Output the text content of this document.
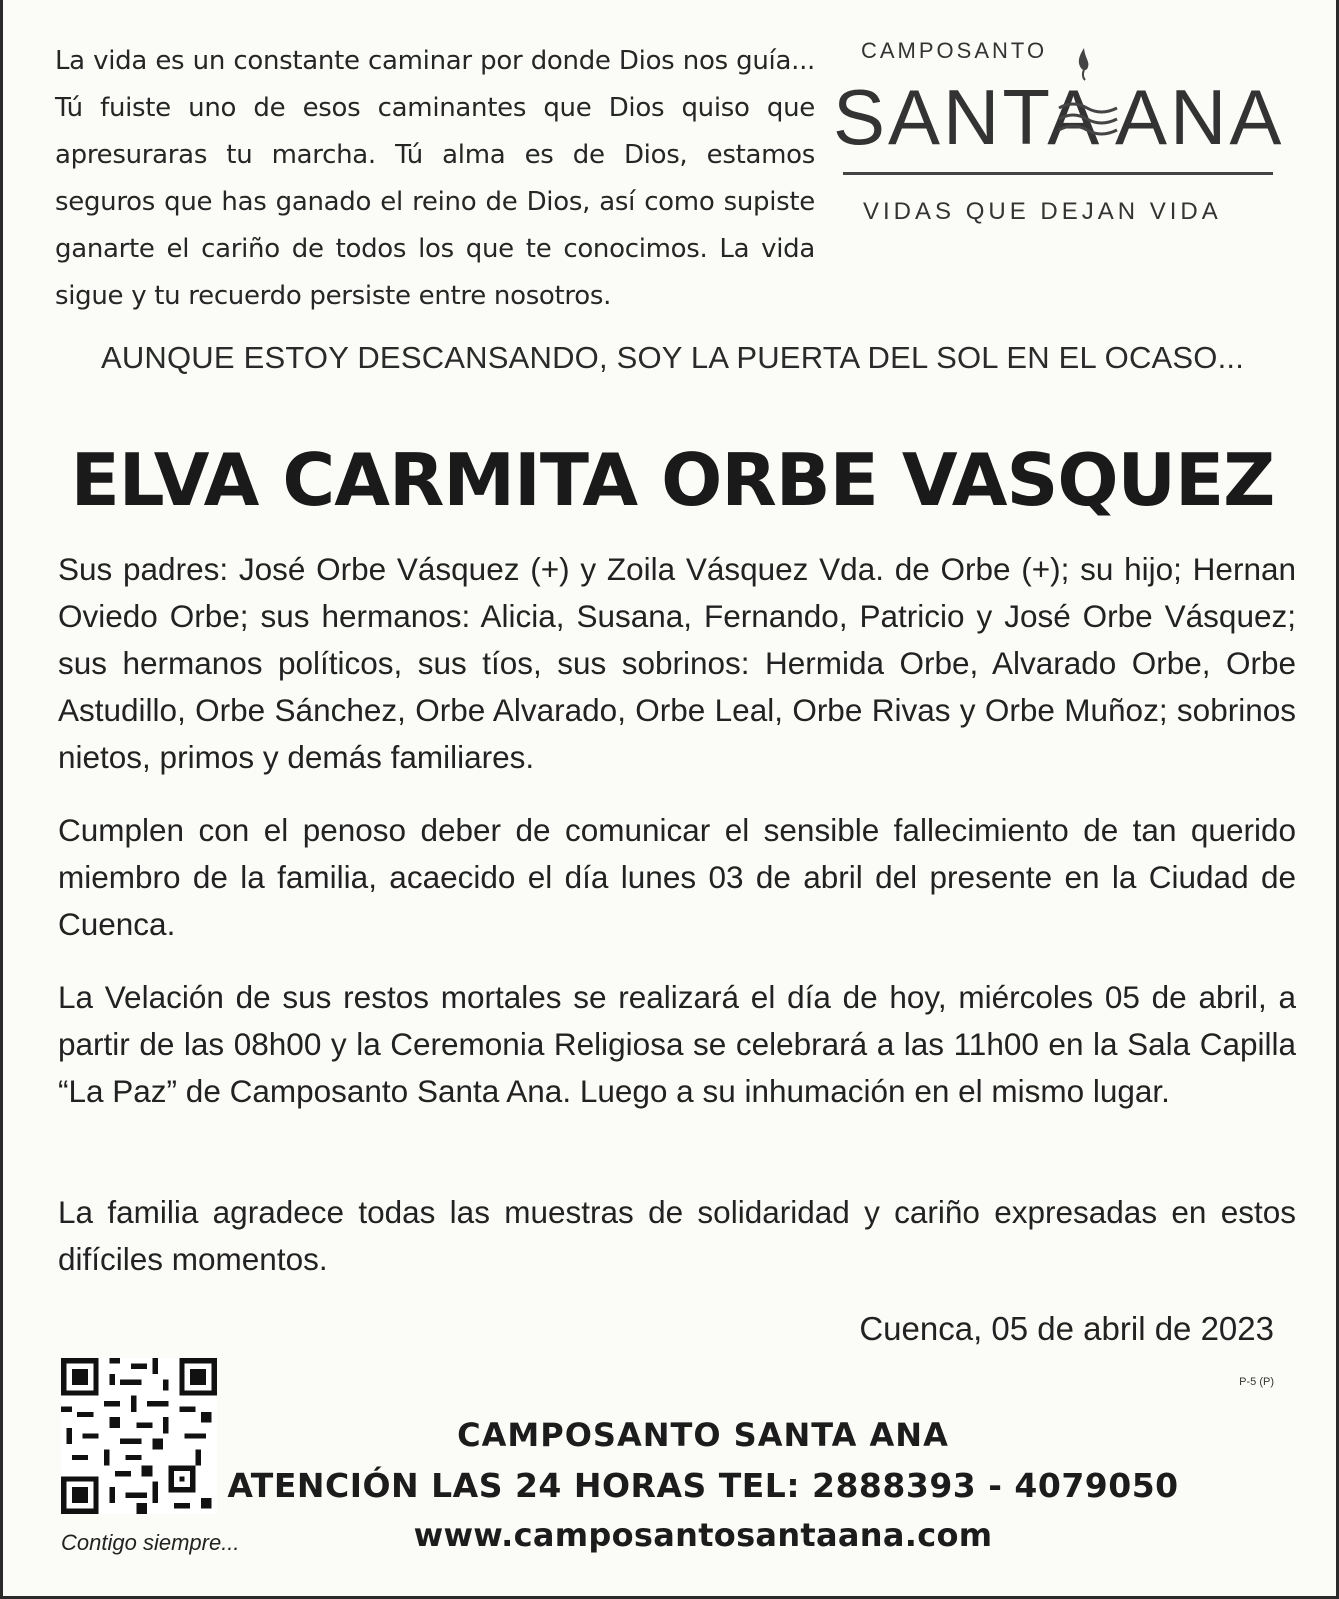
La vida es un constante caminar por donde Dios nos guía... Tú fuiste uno de esos caminantes que Dios quiso que apresuraras tu marcha. Tú alma es de Dios, estamos seguros que has ganado el reino de Dios, así como supiste ganarte el cariño de todos los que te conocimos. La vida sigue y tu recuerdo persiste entre nosotros.
CAMPOSANTO
SANTA ANA
VIDAS QUE DEJAN VIDA
AUNQUE ESTOY DESCANSANDO, SOY LA PUERTA DEL SOL EN EL OCASO...
ELVA CARMITA ORBE VASQUEZ
Sus padres: José Orbe Vásquez (+) y Zoila Vásquez Vda. de Orbe (+); su hijo; Hernan Oviedo Orbe; sus hermanos: Alicia, Susana, Fernando, Patricio y José Orbe Vásquez; sus hermanos políticos, sus tíos, sus sobrinos: Hermida Orbe, Alvarado Orbe, Orbe Astudillo, Orbe Sánchez, Orbe Alvarado, Orbe Leal, Orbe Rivas y Orbe Muñoz; sobrinos nietos, primos y demás familiares.
Cumplen con el penoso deber de comunicar el sensible fallecimiento de tan querido miembro de la familia, acaecido el día lunes 03 de abril del presente en la Ciudad de Cuenca.
La Velación de sus restos mortales se realizará el día de hoy, miércoles 05 de abril, a partir de las 08h00 y la Ceremonia Religiosa se celebrará a las 11h00 en la Sala Capilla “La Paz” de Camposanto Santa Ana. Luego a su inhumación en el mismo lugar.
La familia agradece todas las muestras de solidaridad y cariño expresadas en estos difíciles momentos.
Cuenca, 05 de abril de 2023
P-5 (P)
Contigo siempre...
CAMPOSANTO SANTA ANA
ATENCIÓN LAS 24 HORAS TEL: 2888393 - 4079050
www.camposantosantaana.com
